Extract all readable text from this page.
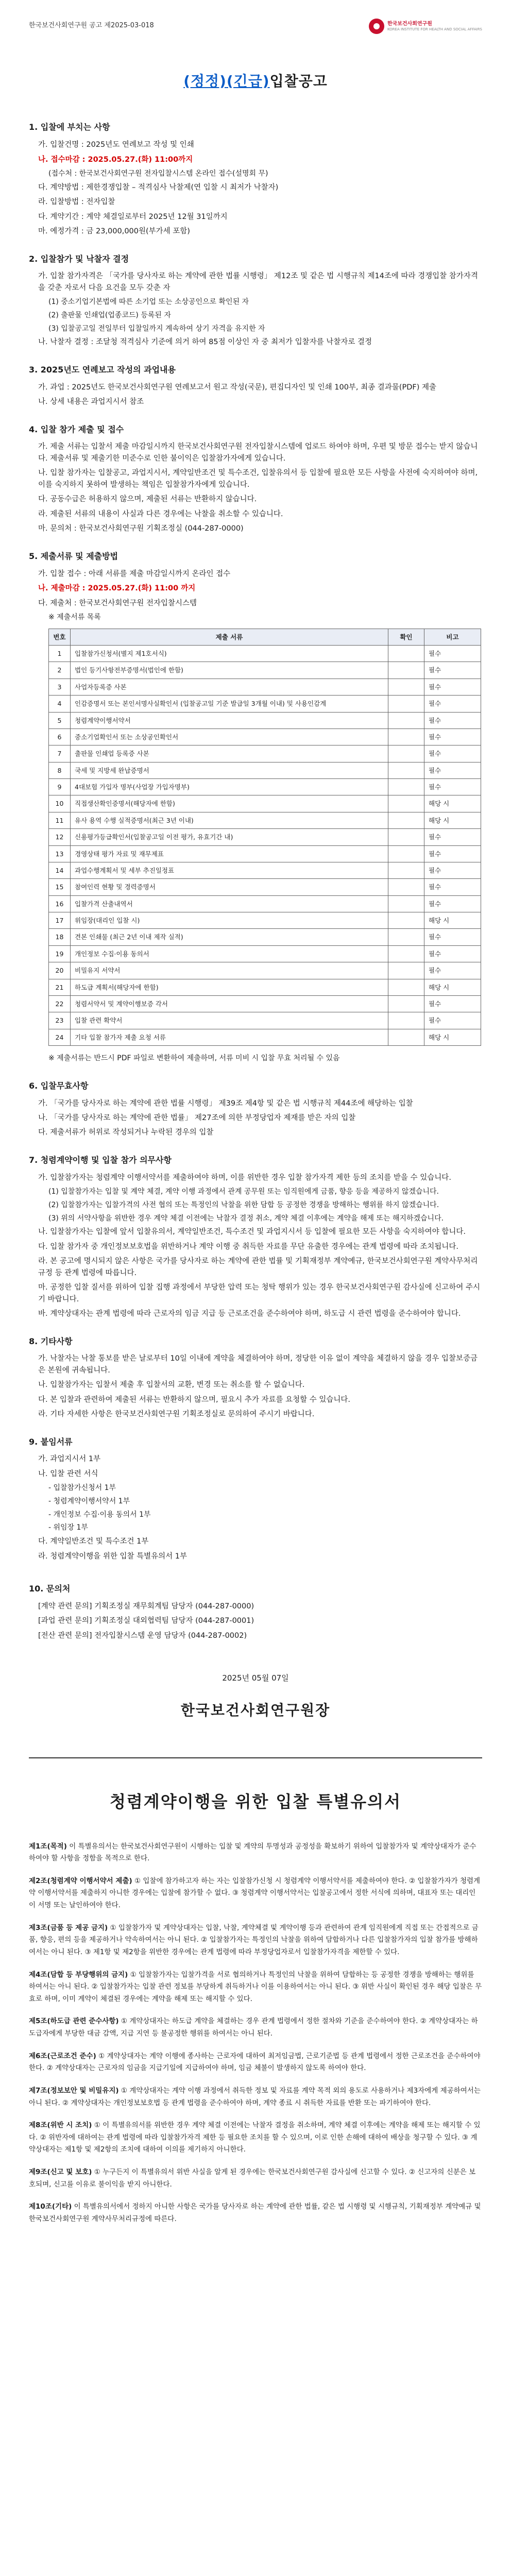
한국보건사회연구원 공고 제2025-03-018	한국보건사회연구원
KOREA INSTITUTE FOR HEALTH AND SOCIAL AFFAIRS
(정정)(긴급)입찰공고
1. 입찰에 부치는 사항
가. 입찰건명 : 2025년도 연례보고 작성 및 인쇄
나. 접수마감 : 2025.05.27.(화) 11:00까지
(접수처 : 한국보건사회연구원 전자입찰시스템 온라인 접수(설명회 무)
다. 계약방법 : 제한경쟁입찰 – 적격심사 낙찰제(연 입찰 시 최저가 낙찰자)
라. 입찰방법 : 전자입찰
다. 계약기간 : 계약 체결일로부터 2025년 12월 31일까지
마. 예정가격 : 금 23,000,000원(부가세 포함)
2. 입찰참가 및 낙찰자 결정
가. 입찰 참가자격은 「국가를 당사자로 하는 계약에 관한 법률 시행령」 제12조 및 같은 법 시행규칙 제14조에 따라 경쟁입찰 참가자격을 갖춘 자로서 다음 요건을 모두 갖춘 자
(1) 중소기업기본법에 따른 소기업 또는 소상공인으로 확인된 자
(2) 출판물 인쇄업(업종코드) 등록된 자
(3) 입찰공고일 전일부터 입찰일까지 계속하여 상기 자격을 유지한 자
나. 낙찰자 결정 : 조달청 적격심사 기준에 의거 하여 85점 이상인 자 중 최저가 입찰자를 낙찰자로 결정
3. 2025년도 연례보고 작성의 과업내용
가. 과업 : 2025년도 한국보건사회연구원 연례보고서 원고 작성(국문), 편집디자인 및 인쇄 100부, 최종 결과물(PDF) 제출
나. 상세 내용은 과업지시서 참조
4. 입찰 참가 제출 및 접수
가. 제출 서류는 입찰서 제출 마감일시까지 한국보건사회연구원 전자입찰시스템에 업로드 하여야 하며, 우편 및 방문 접수는 받지 않습니다. 제출서류 및 제출기한 미준수로 인한 불이익은 입찰참가자에게 있습니다.
나. 입찰 참가자는 입찰공고, 과업지시서, 계약일반조건 및 특수조건, 입찰유의서 등 입찰에 필요한 모든 사항을 사전에 숙지하여야 하며, 이를 숙지하지 못하여 발생하는 책임은 입찰참가자에게 있습니다.
다. 공동수급은 허용하지 않으며, 제출된 서류는 반환하지 않습니다.
라. 제출된 서류의 내용이 사실과 다른 경우에는 낙찰을 취소할 수 있습니다.
마. 문의처 : 한국보건사회연구원 기획조정실 (044-287-0000)
5. 제출서류 및 제출방법
가. 입찰 접수 : 아래 서류를 제출 마감일시까지 온라인 접수
나. 제출마감 : 2025.05.27.(화) 11:00 까지
다. 제출처 : 한국보건사회연구원 전자입찰시스템
※ 제출서류 목록
번호	제출 서류	확인	비고
1	입찰참가신청서(별지 제1호서식)		필수
2	법인 등기사항전부증명서(법인에 한함)		필수
3	사업자등록증 사본		필수
4	인감증명서 또는 본인서명사실확인서 (입찰공고일 기준 발급일 3개월 이내) 및 사용인감계		필수
5	청렴계약이행서약서		필수
6	중소기업확인서 또는 소상공인확인서		필수
7	출판물 인쇄업 등록증 사본		필수
8	국세 및 지방세 완납증명서		필수
9	4대보험 가입자 명부(사업장 가입자명부)		필수
10	직접생산확인증명서(해당자에 한함)		해당 시
11	유사 용역 수행 실적증명서(최근 3년 이내)		해당 시
12	신용평가등급확인서(입찰공고일 이전 평가, 유효기간 내)		필수
13	경영상태 평가 자료 및 재무제표		필수
14	과업수행계획서 및 세부 추진일정표		필수
15	참여인력 현황 및 경력증명서		필수
16	입찰가격 산출내역서		필수
17	위임장(대리인 입찰 시)		해당 시
18	견본 인쇄물 (최근 2년 이내 제작 실적)		필수
19	개인정보 수집·이용 동의서		필수
20	비밀유지 서약서		필수
21	하도급 계획서(해당자에 한함)		해당 시
22	청렴서약서 및 계약이행보증 각서		필수
23	입찰 관련 확약서		필수
24	기타 입찰 참가자 제출 요청 서류		해당 시
※ 제출서류는 반드시 PDF 파일로 변환하여 제출하며, 서류 미비 시 입찰 무효 처리될 수 있음
6. 입찰무효사항
가. 「국가를 당사자로 하는 계약에 관한 법률 시행령」 제39조 제4항 및 같은 법 시행규칙 제44조에 해당하는 입찰
나. 「국가를 당사자로 하는 계약에 관한 법률」 제27조에 의한 부정당업자 제재를 받은 자의 입찰
다. 제출서류가 허위로 작성되거나 누락된 경우의 입찰
7. 청렴계약이행 및 입찰 참가 의무사항
가. 입찰참가자는 청렴계약 이행서약서를 제출하여야 하며, 이를 위반한 경우 입찰 참가자격 제한 등의 조치를 받을 수 있습니다.
(1) 입찰참가자는 입찰 및 계약 체결, 계약 이행 과정에서 관계 공무원 또는 임직원에게 금품, 향응 등을 제공하지 않겠습니다.
(2) 입찰참가자는 입찰가격의 사전 협의 또는 특정인의 낙찰을 위한 담합 등 공정한 경쟁을 방해하는 행위를 하지 않겠습니다.
(3) 위의 서약사항을 위반한 경우 계약 체결 이전에는 낙찰자 결정 취소, 계약 체결 이후에는 계약을 해제 또는 해지하겠습니다.
나. 입찰참가자는 입찰에 앞서 입찰유의서, 계약일반조건, 특수조건 및 과업지시서 등 입찰에 필요한 모든 사항을 숙지하여야 합니다.
다. 입찰 참가자 중 개인정보보호법을 위반하거나 계약 이행 중 취득한 자료를 무단 유출한 경우에는 관계 법령에 따라 조치됩니다.
라. 본 공고에 명시되지 않은 사항은 국가를 당사자로 하는 계약에 관한 법률 및 기획재정부 계약예규, 한국보건사회연구원 계약사무처리규정 등 관계 법령에 따릅니다.
마. 공정한 입찰 질서를 위하여 입찰 집행 과정에서 부당한 압력 또는 청탁 행위가 있는 경우 한국보건사회연구원 감사실에 신고하여 주시기 바랍니다.
바. 계약상대자는 관계 법령에 따라 근로자의 임금 지급 등 근로조건을 준수하여야 하며, 하도급 시 관련 법령을 준수하여야 합니다.
8. 기타사항
가. 낙찰자는 낙찰 통보를 받은 날로부터 10일 이내에 계약을 체결하여야 하며, 정당한 이유 없이 계약을 체결하지 않을 경우 입찰보증금은 본원에 귀속됩니다.
나. 입찰참가자는 입찰서 제출 후 입찰서의 교환, 변경 또는 취소를 할 수 없습니다.
다. 본 입찰과 관련하여 제출된 서류는 반환하지 않으며, 필요시 추가 자료를 요청할 수 있습니다.
라. 기타 자세한 사항은 한국보건사회연구원 기획조정실로 문의하여 주시기 바랍니다.
9. 붙임서류
가. 과업지시서 1부
나. 입찰 관련 서식
- 입찰참가신청서 1부
- 청렴계약이행서약서 1부
- 개인정보 수집·이용 동의서 1부
- 위임장 1부
다. 계약일반조건 및 특수조건 1부
라. 청렴계약이행을 위한 입찰 특별유의서 1부
10. 문의처
[계약 관련 문의] 기획조정실 재무회계팀 담당자 (044-287-0000)
[과업 관련 문의] 기획조정실 대외협력팀 담당자 (044-287-0001)
[전산 관련 문의] 전자입찰시스템 운영 담당자 (044-287-0002)
2025년 05월 07일
한국보건사회연구원장
청렴계약이행을 위한 입찰 특별유의서

제1조(목적) 이 특별유의서는 한국보건사회연구원이 시행하는 입찰 및 계약의 투명성과 공정성을 확보하기 위하여 입찰참가자 및 계약상대자가 준수하여야 할 사항을 정함을 목적으로 한다.

제2조(청렴계약 이행서약서 제출) ① 입찰에 참가하고자 하는 자는 입찰참가신청 시 청렴계약 이행서약서를 제출하여야 한다. ② 입찰참가자가 청렴계약 이행서약서를 제출하지 아니한 경우에는 입찰에 참가할 수 없다. ③ 청렴계약 이행서약서는 입찰공고에서 정한 서식에 의하며, 대표자 또는 대리인이 서명 또는 날인하여야 한다.

제3조(금품 등 제공 금지) ① 입찰참가자 및 계약상대자는 입찰, 낙찰, 계약체결 및 계약이행 등과 관련하여 관계 임직원에게 직접 또는 간접적으로 금품, 향응, 편의 등을 제공하거나 약속하여서는 아니 된다. ② 입찰참가자는 특정인의 낙찰을 위하여 담합하거나 다른 입찰참가자의 입찰 참가를 방해하여서는 아니 된다. ③ 제1항 및 제2항을 위반한 경우에는 관계 법령에 따라 부정당업자로서 입찰참가자격을 제한할 수 있다.

제4조(담합 등 부당행위의 금지) ① 입찰참가자는 입찰가격을 서로 협의하거나 특정인의 낙찰을 위하여 담합하는 등 공정한 경쟁을 방해하는 행위를 하여서는 아니 된다. ② 입찰참가자는 입찰 관련 정보를 부당하게 취득하거나 이를 이용하여서는 아니 된다. ③ 위반 사실이 확인된 경우 해당 입찰은 무효로 하며, 이미 계약이 체결된 경우에는 계약을 해제 또는 해지할 수 있다.

제5조(하도급 관련 준수사항) ① 계약상대자는 하도급 계약을 체결하는 경우 관계 법령에서 정한 절차와 기준을 준수하여야 한다. ② 계약상대자는 하도급자에게 부당한 대금 감액, 지급 지연 등 불공정한 행위를 하여서는 아니 된다.

제6조(근로조건 준수) ① 계약상대자는 계약 이행에 종사하는 근로자에 대하여 최저임금법, 근로기준법 등 관계 법령에서 정한 근로조건을 준수하여야 한다. ② 계약상대자는 근로자의 임금을 지급기일에 지급하여야 하며, 임금 체불이 발생하지 않도록 하여야 한다.

제7조(정보보안 및 비밀유지) ① 계약상대자는 계약 이행 과정에서 취득한 정보 및 자료를 계약 목적 외의 용도로 사용하거나 제3자에게 제공하여서는 아니 된다. ② 계약상대자는 개인정보보호법 등 관계 법령을 준수하여야 하며, 계약 종료 시 취득한 자료를 반환 또는 파기하여야 한다.

제8조(위반 시 조치) ① 이 특별유의서를 위반한 경우 계약 체결 이전에는 낙찰자 결정을 취소하며, 계약 체결 이후에는 계약을 해제 또는 해지할 수 있다. ② 위반자에 대하여는 관계 법령에 따라 입찰참가자격 제한 등 필요한 조치를 할 수 있으며, 이로 인한 손해에 대하여 배상을 청구할 수 있다. ③ 계약상대자는 제1항 및 제2항의 조치에 대하여 이의를 제기하지 아니한다.

제9조(신고 및 보호) ① 누구든지 이 특별유의서 위반 사실을 알게 된 경우에는 한국보건사회연구원 감사실에 신고할 수 있다. ② 신고자의 신분은 보호되며, 신고를 이유로 불이익을 받지 아니한다.

제10조(기타) 이 특별유의서에서 정하지 아니한 사항은 국가를 당사자로 하는 계약에 관한 법률, 같은 법 시행령 및 시행규칙, 기획재정부 계약예규 및 한국보건사회연구원 계약사무처리규정에 따른다.
